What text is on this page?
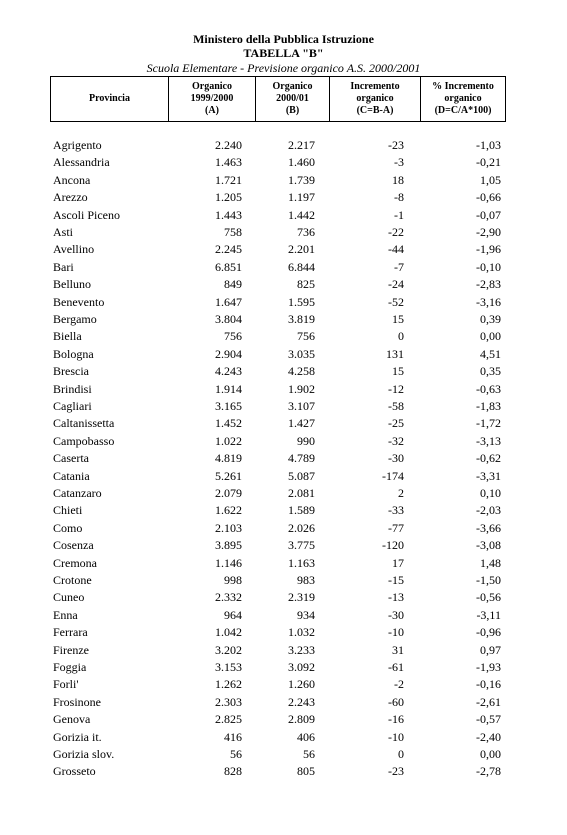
Ministero della Pubblica Istruzione
TABELLA "B"
Scuola Elementare - Previsione organico A.S. 2000/2001
Provincia	Organico
1999/2000
(A)	Organico
2000/01
(B)	Incremento
organico
(C=B-A)	% Incremento
organico
(D=C/A*100)
Agrigento	2.240	2.217	-23	-1,03
Alessandria	1.463	1.460	-3	-0,21
Ancona	1.721	1.739	18	1,05
Arezzo	1.205	1.197	-8	-0,66
Ascoli Piceno	1.443	1.442	-1	-0,07
Asti	758	736	-22	-2,90
Avellino	2.245	2.201	-44	-1,96
Bari	6.851	6.844	-7	-0,10
Belluno	849	825	-24	-2,83
Benevento	1.647	1.595	-52	-3,16
Bergamo	3.804	3.819	15	0,39
Biella	756	756	0	0,00
Bologna	2.904	3.035	131	4,51
Brescia	4.243	4.258	15	0,35
Brindisi	1.914	1.902	-12	-0,63
Cagliari	3.165	3.107	-58	-1,83
Caltanissetta	1.452	1.427	-25	-1,72
Campobasso	1.022	990	-32	-3,13
Caserta	4.819	4.789	-30	-0,62
Catania	5.261	5.087	-174	-3,31
Catanzaro	2.079	2.081	2	0,10
Chieti	1.622	1.589	-33	-2,03
Como	2.103	2.026	-77	-3,66
Cosenza	3.895	3.775	-120	-3,08
Cremona	1.146	1.163	17	1,48
Crotone	998	983	-15	-1,50
Cuneo	2.332	2.319	-13	-0,56
Enna	964	934	-30	-3,11
Ferrara	1.042	1.032	-10	-0,96
Firenze	3.202	3.233	31	0,97
Foggia	3.153	3.092	-61	-1,93
Forli'	1.262	1.260	-2	-0,16
Frosinone	2.303	2.243	-60	-2,61
Genova	2.825	2.809	-16	-0,57
Gorizia it.	416	406	-10	-2,40
Gorizia slov.	56	56	0	0,00
Grosseto	828	805	-23	-2,78
